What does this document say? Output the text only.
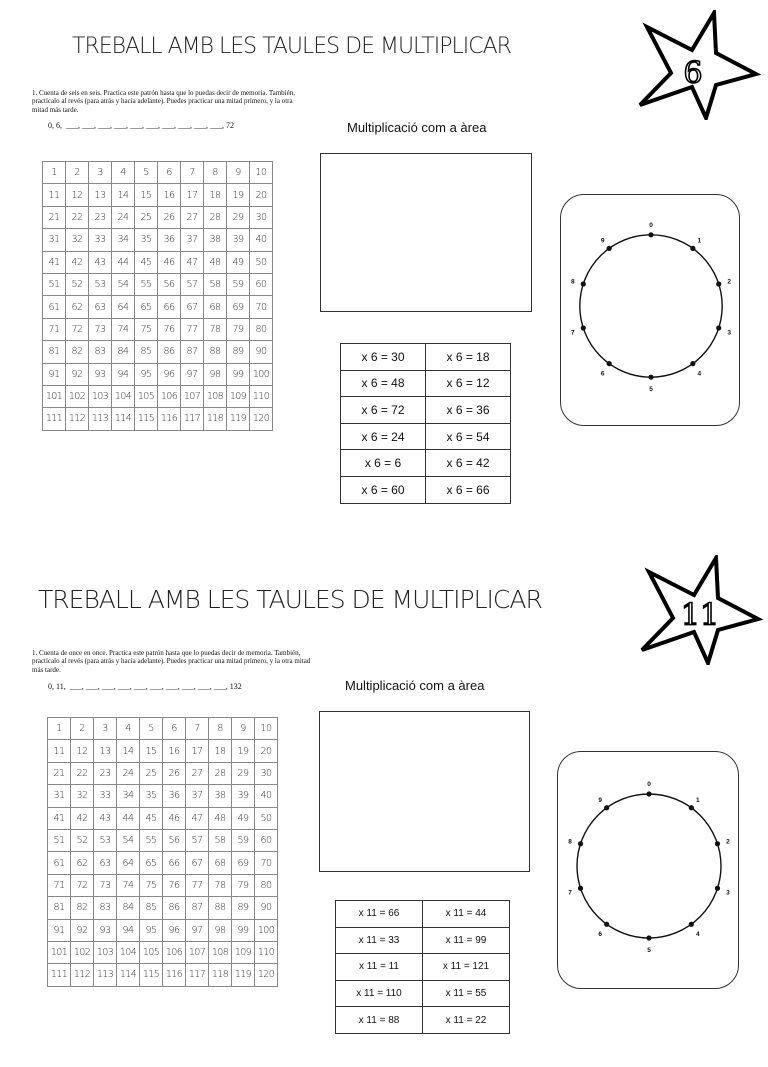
TREBALL AMB LES TAULES DE MULTIPLICAR
6
1. Cuenta de seis en seis. Practica este patrón hasta que lo puedas decir de memoria. También, practícalo al revés (para atrás y hacia adelante). Puedes practicar una mitad primero, y la otra mitad más tarde.
0, 6,  ___, ___, ___, ___, ___, ___, ___, ___, ___, ___, 72	Multiplicació com a àrea
1	2	3	4	5	6	7	8	9	10
11	12	13	14	15	16	17	18	19	20
21	22	23	24	25	26	27	28	29	30
31	32	33	34	35	36	37	38	39	40
41	42	43	44	45	46	47	48	49	50
51	52	53	54	55	56	57	58	59	60
61	62	63	64	65	66	67	68	69	70
71	72	73	74	75	76	77	78	79	80
81	82	83	84	85	86	87	88	89	90
91	92	93	94	95	96	97	98	99	100
101	102	103	104	105	106	107	108	109	110
111	112	113	114	115	116	117	118	119	120
0
1
2
3
4
5
6
7
8
9
x 6 = 30	x 6 = 18
x 6 = 48	x 6 = 12
x 6 = 72	x 6 = 36
x 6 = 24	x 6 = 54
x 6 = 6	x 6 = 42
x 6 = 60	x 6 = 66
TREBALL AMB LES TAULES DE MULTIPLICAR	11
1. Cuenta de once en once. Practica este patrón hasta que lo puedas decir de memoria. También, practícalo al revés (para atrás y hacia adelante). Puedes practicar una mitad primero, y la otra mitad más tarde.
0, 11,  ___, ___, ___, ___, ___, ___, ___, ___, ___, ___, 132	Multiplicació com a àrea
1	2	3	4	5	6	7	8	9	10
11	12	13	14	15	16	17	18	19	20
21	22	23	24	25	26	27	28	29	30
31	32	33	34	35	36	37	38	39	40
41	42	43	44	45	46	47	48	49	50
51	52	53	54	55	56	57	58	59	60
61	62	63	64	65	66	67	68	69	70
71	72	73	74	75	76	77	78	79	80
81	82	83	84	85	86	87	88	89	90
91	92	93	94	95	96	97	98	99	100
101	102	103	104	105	106	107	108	109	110
111	112	113	114	115	116	117	118	119	120
0
1
2
3
4
5
6
7
8
9
x 11 = 66	x 11 = 44
x 11 = 33	x 11 = 99
x 11 = 11	x 11 = 121
x 11 = 110	x 11 = 55
x 11 = 88	x 11 = 22
